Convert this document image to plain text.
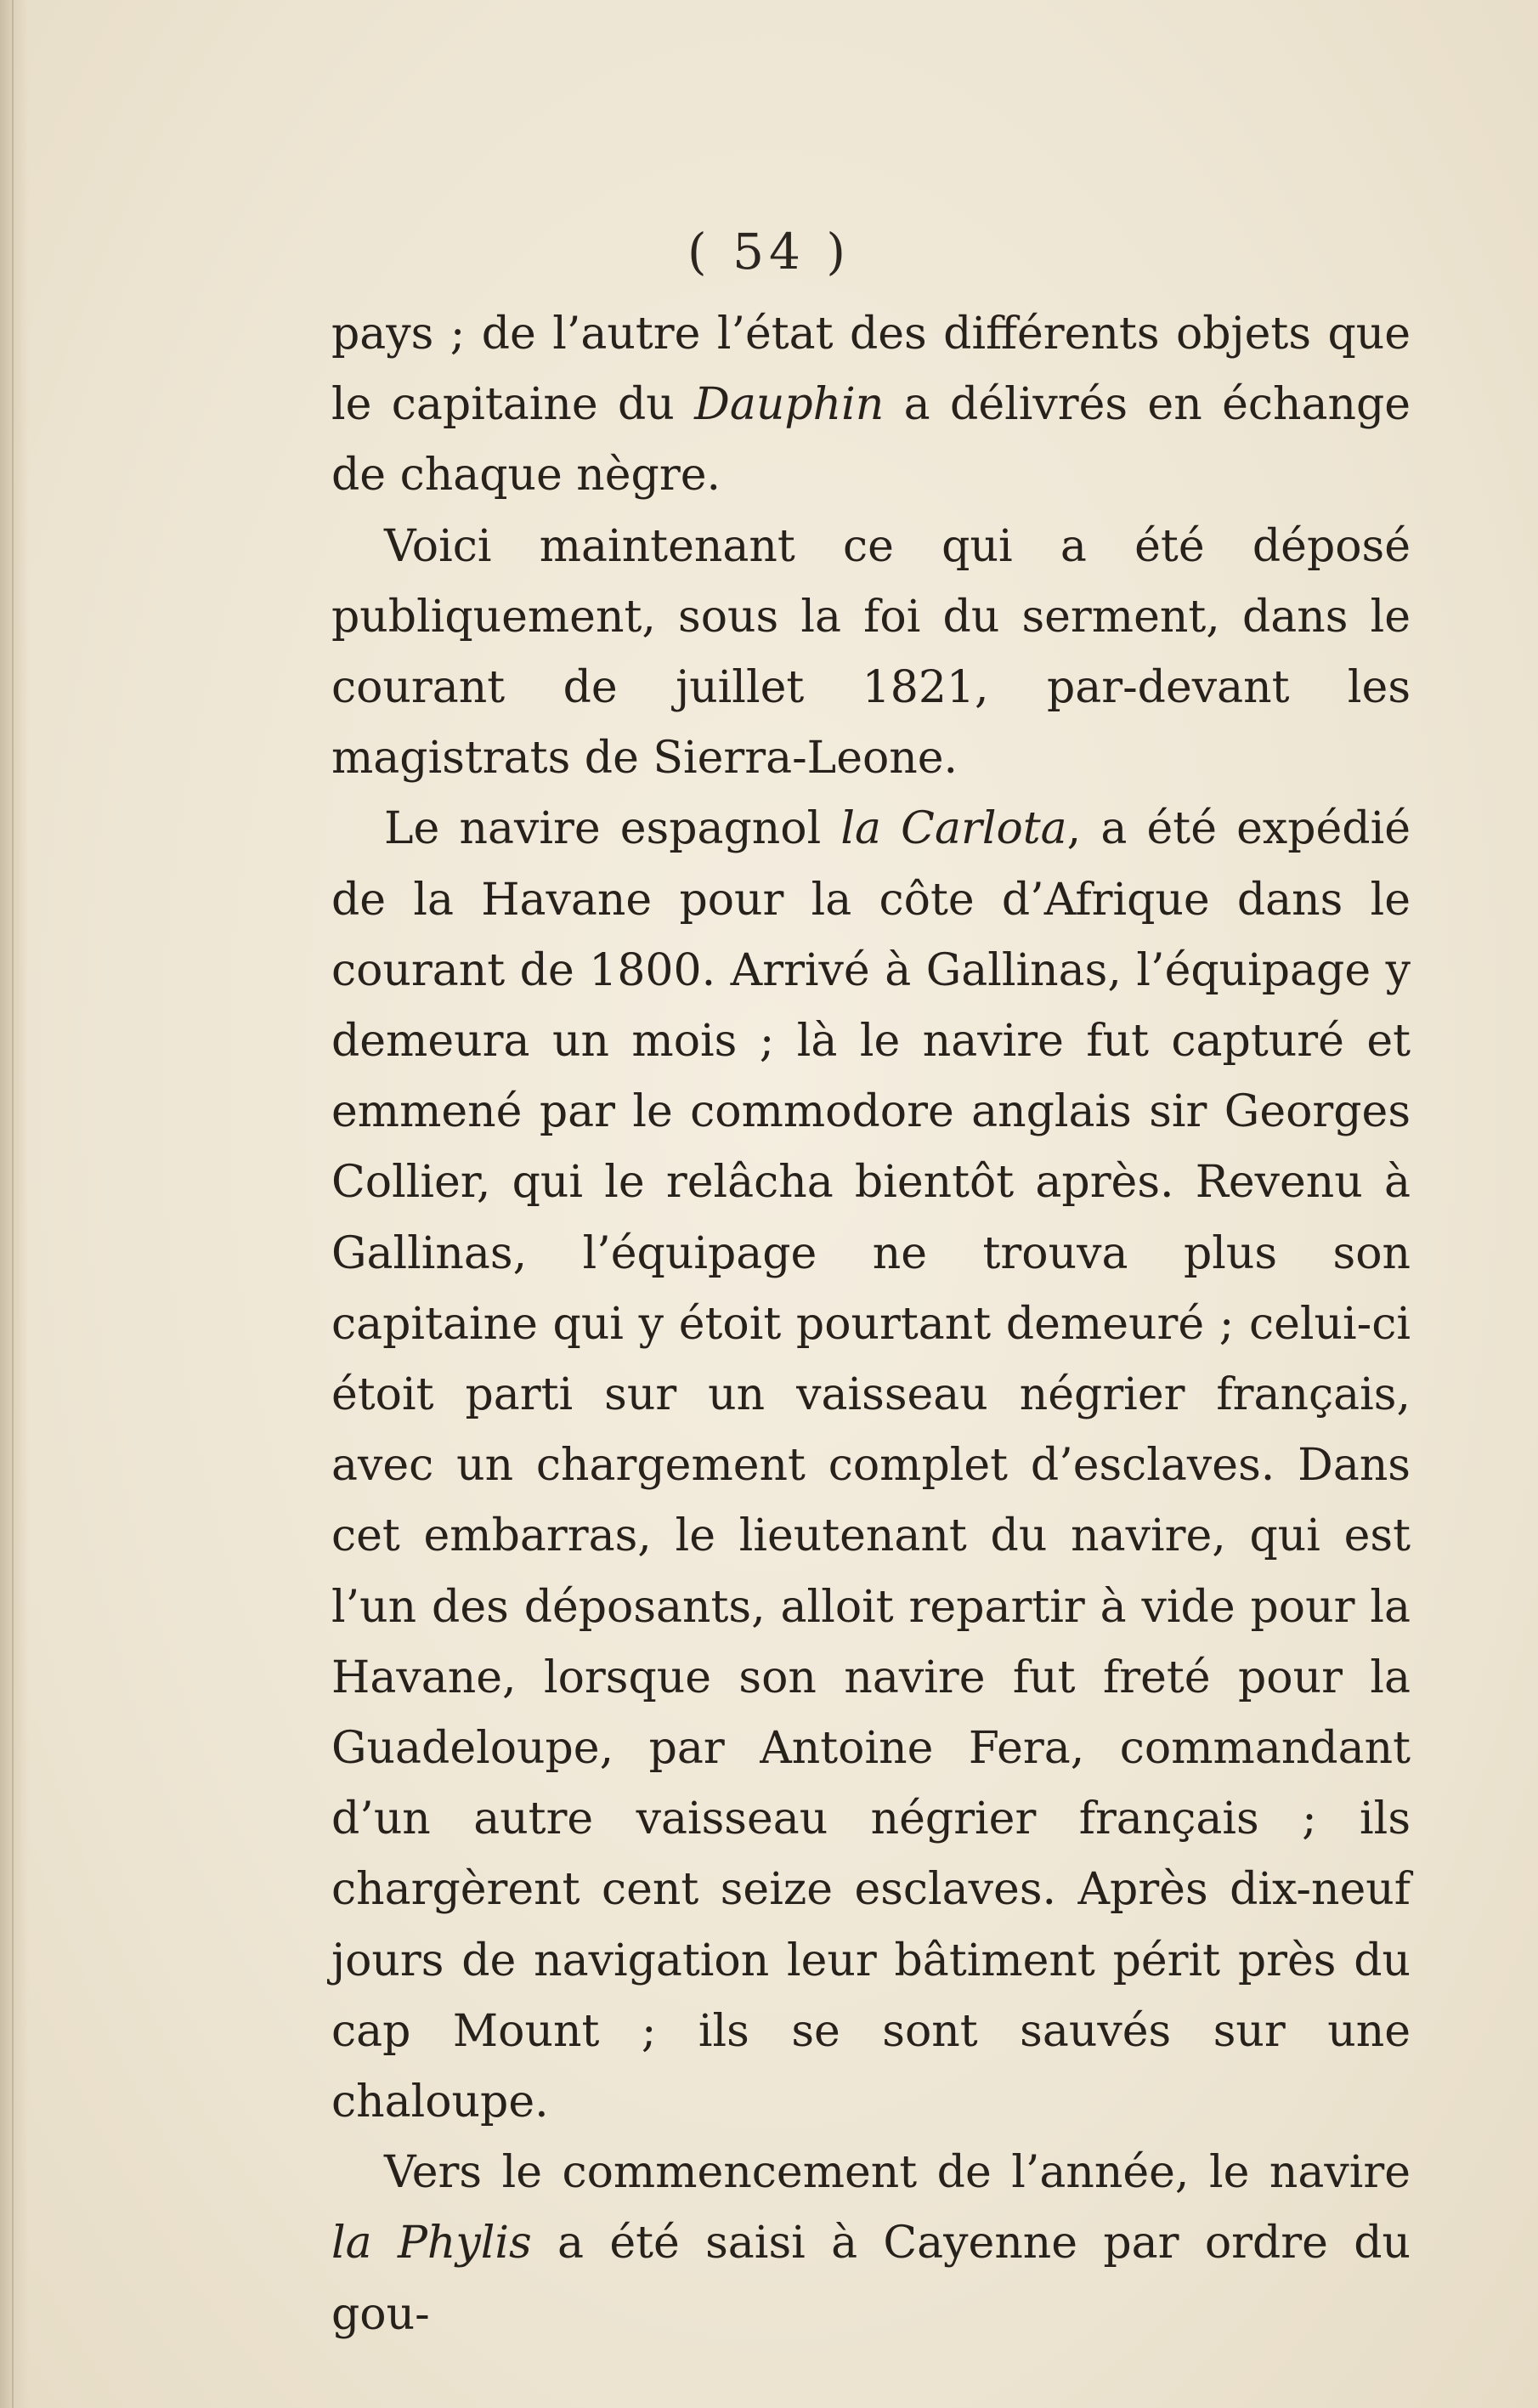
( 54 )

pays ; de l’autre l’état des différents objets que le capitaine du Dauphin a délivrés en échange de chaque nègre.

Voici maintenant ce qui a été déposé publiquement, sous la foi du serment, dans le courant de juillet 1821, par-devant les magistrats de Sierra-Leone.

Le navire espagnol la Carlota, a été expédié de la Havane pour la côte d’Afrique dans le courant de 1800. Arrivé à Gallinas, l’équipage y demeura un mois ; là le navire fut capturé et emmené par le commodore anglais sir Georges Collier, qui le relâcha bientôt après. Revenu à Gallinas, l’équipage ne trouva plus son capitaine qui y étoit pourtant demeuré ; celui-ci étoit parti sur un vaisseau négrier français, avec un chargement complet d’esclaves. Dans cet embarras, le lieutenant du navire, qui est l’un des déposants, alloit repartir à vide pour la Havane, lorsque son navire fut freté pour la Guadeloupe, par Antoine Fera, commandant d’un autre vaisseau négrier français ; ils chargèrent cent seize esclaves. Après dix-neuf jours de navigation leur bâtiment périt près du cap Mount ; ils se sont sauvés sur une chaloupe.

Vers le commencement de l’année, le navire la Phylis a été saisi à Cayenne par ordre du gou-
